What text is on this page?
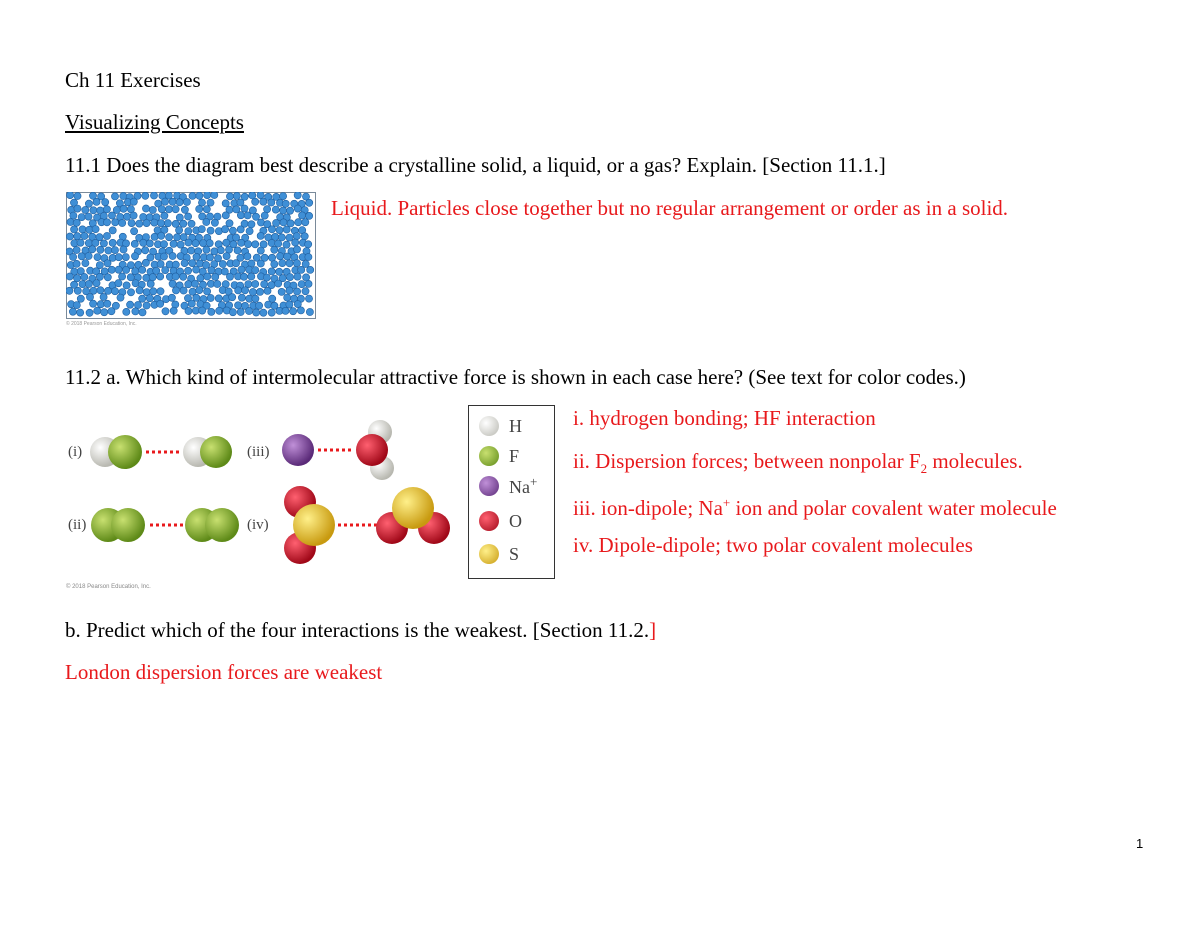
Ch 11 Exercises
Visualizing Concepts
11.1 Does the diagram best describe a crystalline solid, a liquid, or a gas? Explain. [Section 11.1.]
© 2018 Pearson Education, Inc.
Liquid. Particles close together but no regular arrangement or order as in a solid.
11.2 a. Which kind of intermolecular attractive force is shown in each case here? (See text for color codes.)
(i)
(ii)
(iii)
(iv)
© 2018 Pearson Education, Inc.
H
F
Na+
O
S
i. hydrogen bonding; HF interaction
ii. Dispersion forces; between nonpolar $F_2$ molecules.
iii. ion-dipole; Na+ ion and polar covalent water molecule
iv. Dipole-dipole; two polar covalent molecules
b. Predict which of the four interactions is the weakest. [Section 11.2.]
London dispersion forces are weakest
1
